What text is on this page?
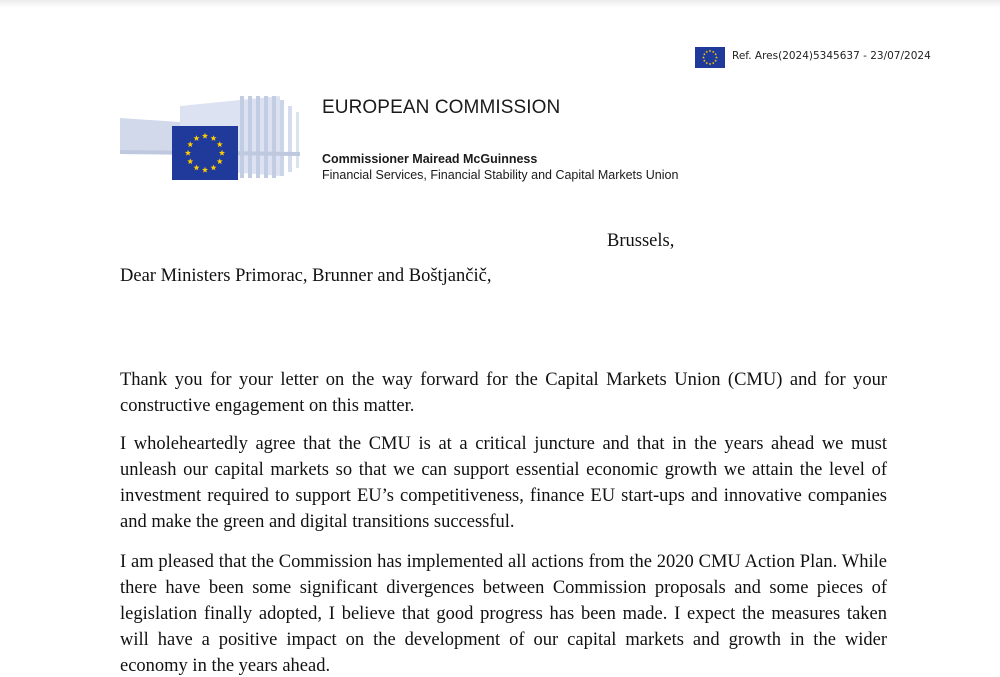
Ref. Ares(2024)5345637 - 23/07/2024
EUROPEAN COMMISSION
Commissioner Mairead McGuinness
Financial Services, Financial Stability and Capital Markets Union
Brussels,
Dear Ministers Primorac, Brunner and Boštjančič,

Thank you for your letter on the way forward for the Capital Markets Union (CMU) and for your constructive engagement on this matter.

I wholeheartedly agree that the CMU is at a critical juncture and that in the years ahead we must unleash our capital markets so that we can support essential economic growth we attain the level of investment required to support EU’s competitiveness, finance EU start-ups and innovative companies and make the green and digital transitions successful.

I am pleased that the Commission has implemented all actions from the 2020 CMU Action Plan. While there have been some significant divergences between Commission proposals and some pieces of legislation finally adopted, I believe that good progress has been made. I expect the measures taken will have a positive impact on the development of our capital markets and growth in the wider economy in the years ahead.
